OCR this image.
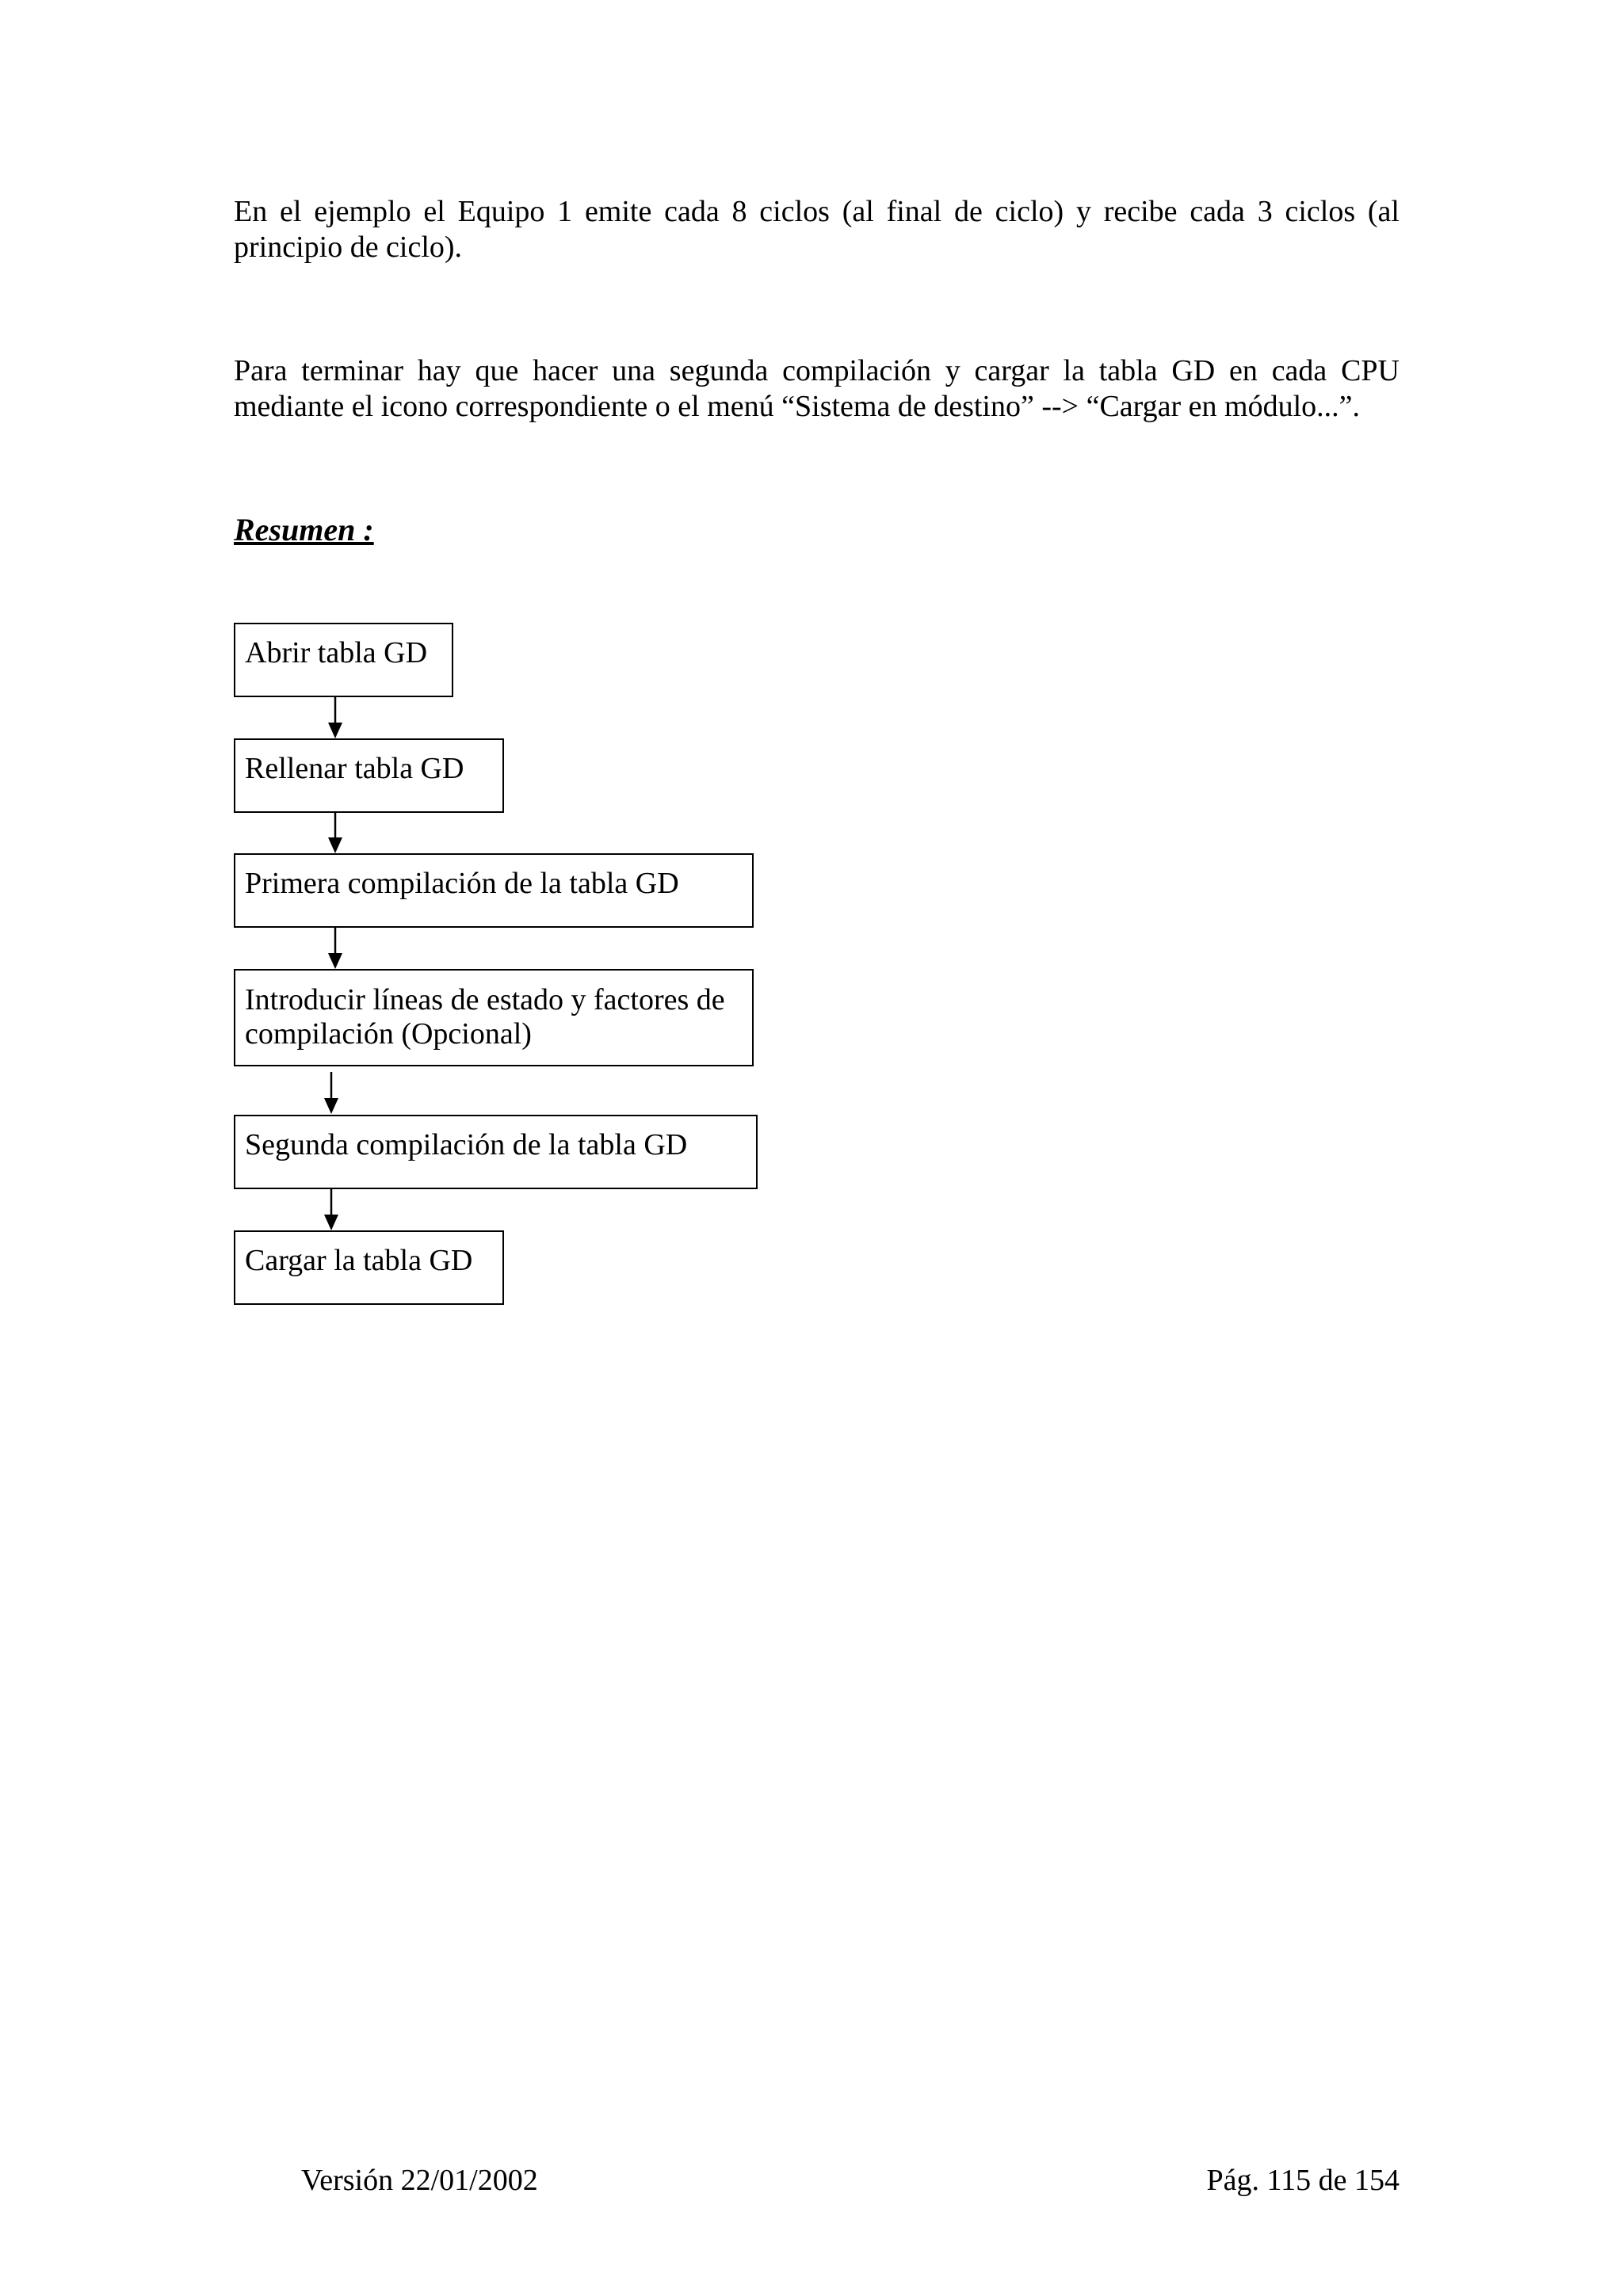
En el ejemplo el Equipo 1 emite cada 8 ciclos (al final de ciclo) y recibe cada 3 ciclos (al principio de ciclo).

Para terminar hay que hacer una segunda compilación y cargar la tabla GD en cada CPU mediante el icono correspondiente o el menú “Sistema de destino” --> “Cargar en módulo...”.

Resumen :

Abrir tabla GD
Rellenar tabla GD
Primera compilación de la tabla GD
Introducir líneas de estado y factores de compilación (Opcional)
Segunda compilación de la tabla GD
Cargar la tabla GD

Versión 22/01/2002	Pág. 115 de 154
